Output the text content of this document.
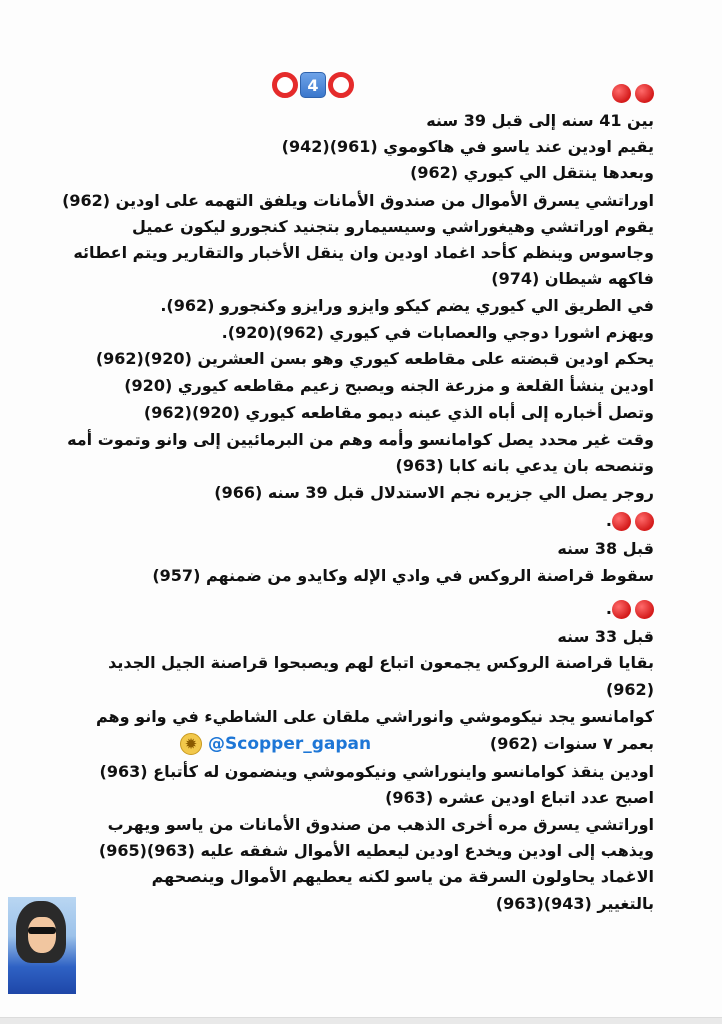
4
بين 41 سنه إلى قبل 39 سنه
يقيم اودين عند ياسو في هاكوموي (961)(942)
وبعدها ينتقل الي كيوري (962)
اوراتشي يسرق الأموال من صندوق الأمانات ويلفق التهمه على اودين (962)
يقوم اوراتشي وهيغوراشي وسيسيمارو بتجنيد كنجورو ليكون عميل
وجاسوس وينظم كأحد اغماد اودين وان ينقل الأخبار والتقارير ويتم اعطائه
فاكهه شيطان (974)
في الطريق الي كيوري يضم كيكو وايزو ورايزو وكنجورو (962).
ويهزم اشورا دوجي والعصابات في كيوري (962)(920).
يحكم اودين قبضته على مقاطعه كيوري وهو بسن العشرين (920)(962)
اودين ينشأ القلعة و مزرعة الجنه ويصبح زعيم مقاطعه كيوري (920)
وتصل أخباره إلى أباه الذي عينه ديمو مقاطعه كيوري (920)(962)
وقت غير محدد يصل كوامانسو وأمه وهم من البرمائيين إلى وانو وتموت أمه
وتنصحه بان يدعي بانه كابا (963)
روجر يصل الي جزيره نجم الاستدلال قبل 39 سنه (966)
.
قبل 38 سنه
سقوط قراصنة الروكس في وادي الإله وكايدو من ضمنهم (957)
.
قبل 33 سنه
بقايا قراصنة الروكس يجمعون اتباع لهم ويصبحوا قراصنة الجيل الجديد
(962)
كوامانسو يجد نيكوموشي وانوراشي ملقان على الشاطيء في وانو وهم
بعمر ٧ سنوات (962)
اودين ينقذ كوامانسو واينوراشي ونيكوموشي وينضمون له كأتباع (963)
اصبح عدد اتباع اودين عشره (963)
اوراتشي يسرق مره أخرى الذهب من صندوق الأمانات من ياسو ويهرب
ويذهب إلى اودين ويخدع اودين ليعطيه الأموال شفقه عليه (963)(965)
الاغماد يحاولون السرقة من ياسو لكنه يعطيهم الأموال وينصحهم
بالتغيير (943)(963)
✹ @Scopper_gapan
